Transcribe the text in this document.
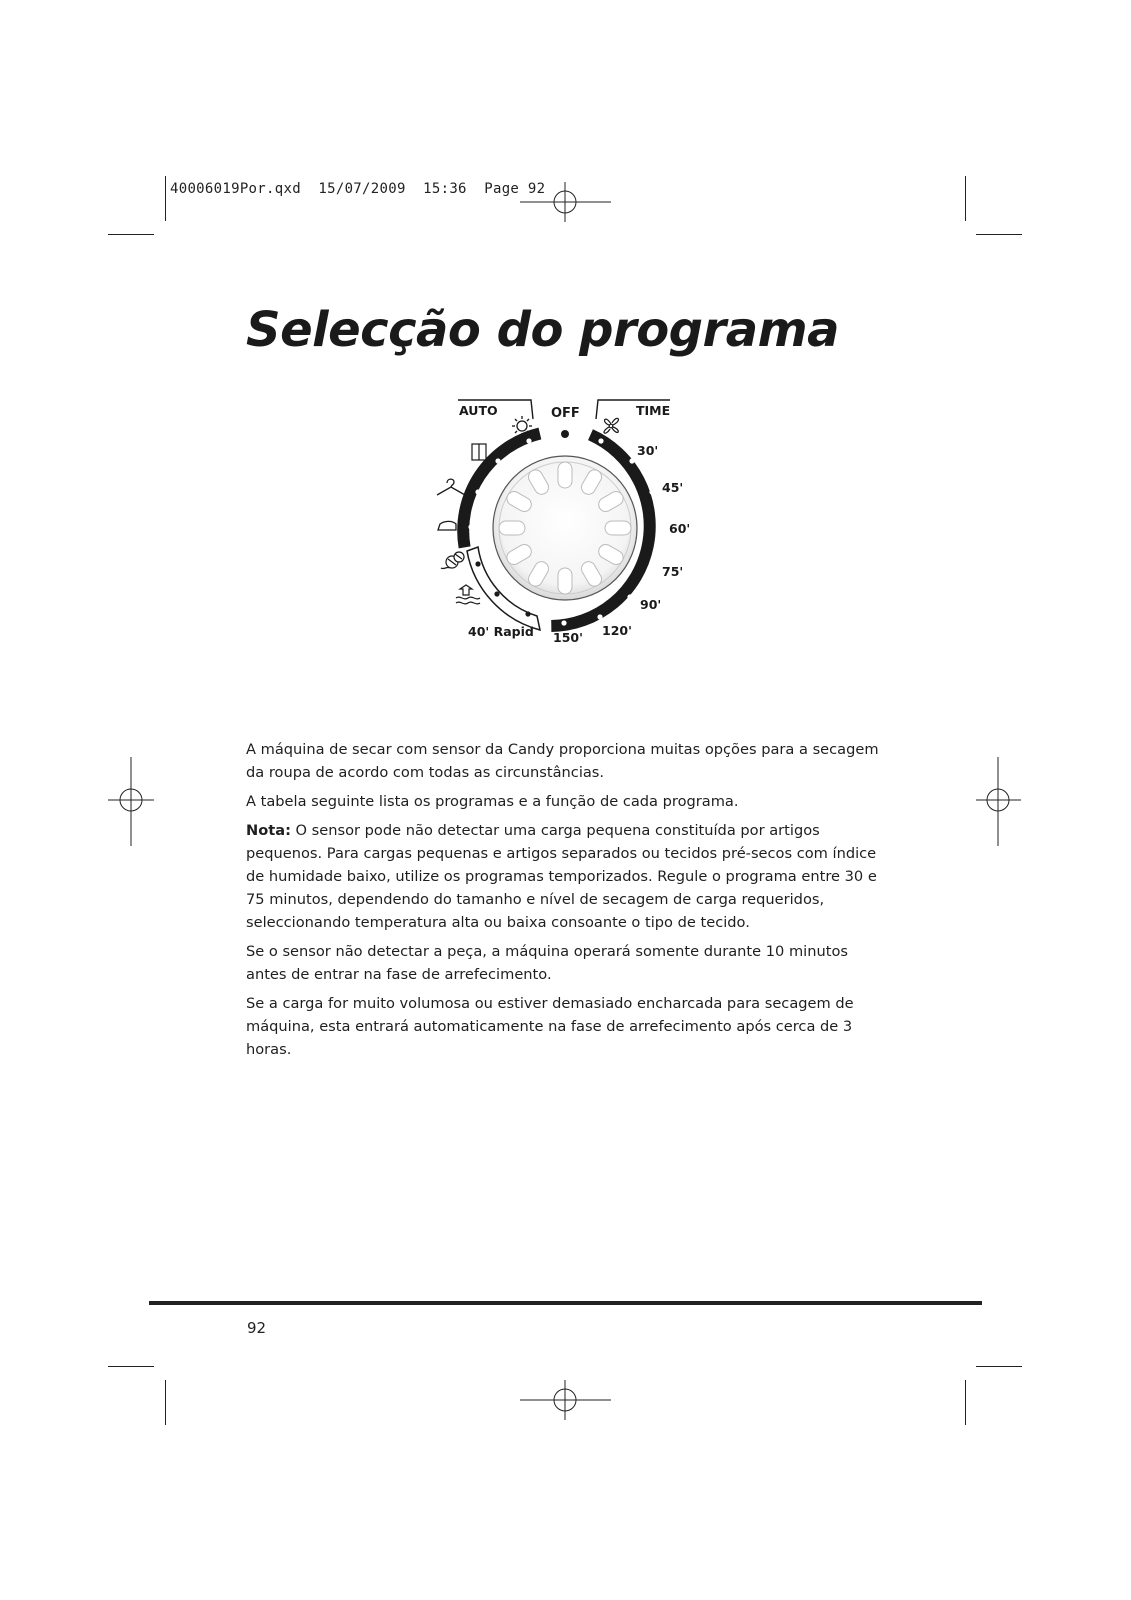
40006019Por.qxd  15/07/2009  15:36  Page 92
Selecção do programa
AUTO	OFF	TIME
30'
45'
60'
75'
90'
120'
150'
40' Rapid

A máquina de secar com sensor da Candy proporciona muitas opções para a secagem da roupa de acordo com todas as circunstâncias.

A tabela seguinte lista os programas e a função de cada programa.

Nota: O sensor pode não detectar uma carga pequena constituída por artigos pequenos. Para cargas pequenas e artigos separados ou tecidos pré-secos com índice de humidade baixo, utilize os programas temporizados. Regule o programa entre 30 e 75 minutos, dependendo do tamanho e nível de secagem de carga requeridos, seleccionando temperatura alta ou baixa consoante o tipo de tecido.

Se o sensor não detectar a peça, a máquina operará somente durante 10 minutos antes de entrar na fase de arrefecimento.

Se a carga for muito volumosa ou estiver demasiado encharcada para secagem de máquina, esta entrará automaticamente na fase de arrefecimento após cerca de 3 horas.

92
